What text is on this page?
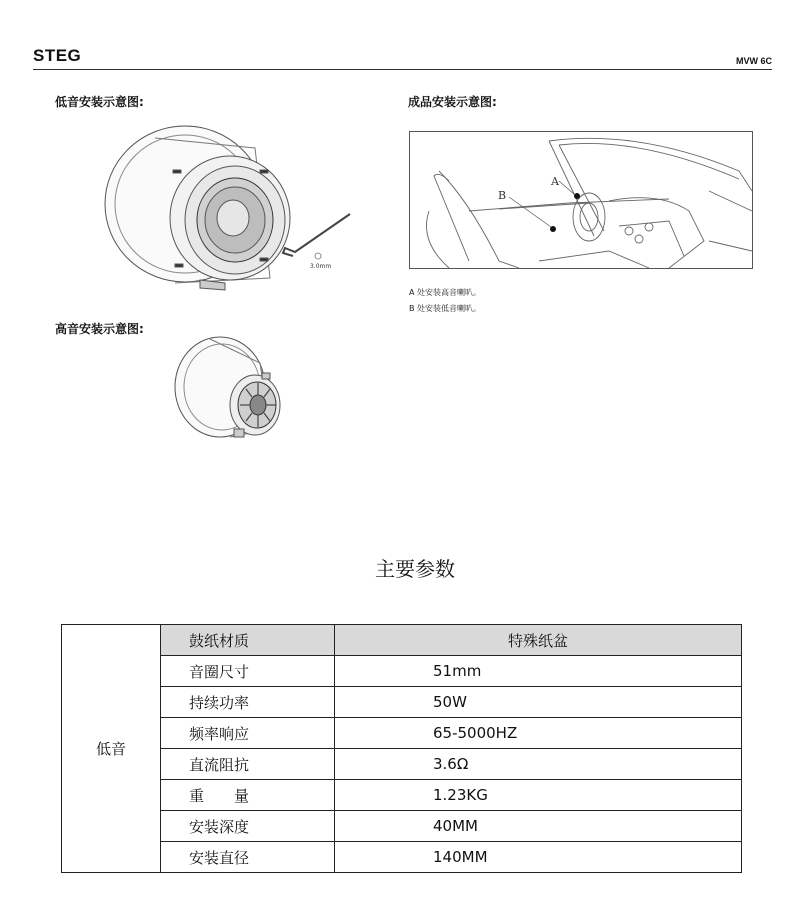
STEG	MVW 6C
低音安装示意图:
3.0mm
成品安装示意图:
A
B
A 处安装高音喇叭。
B 处安装低音喇叭。
高音安装示意图:
主要参数
低音	鼓纸材质	特殊纸盆
	音圈尺寸	51mm
	持续功率	50W
	频率响应	65-5000HZ
	直流阻抗	3.6Ω
	重　　量	1.23KG
	安装深度	40MM
	安装直径	140MM
